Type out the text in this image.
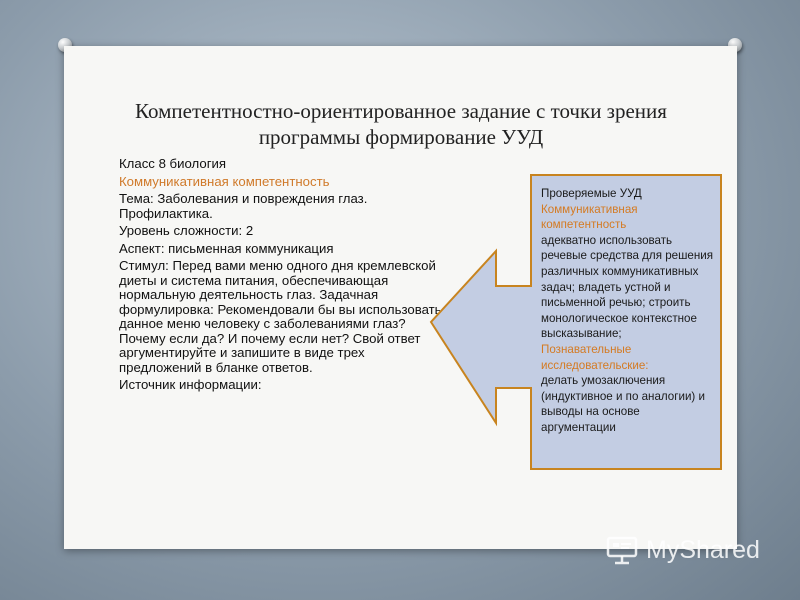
Компетентностно-ориентированное задание с точки зрения программы формирование УУД
Класс 8 биология
Коммуникативная компетентность
Тема: Заболевания и повреждения глаз. Профилактика.
Уровень сложности: 2
Аспект: письменная коммуникация
Стимул: Перед вами меню одного дня кремлевской диеты и система питания, обеспечивающая нормальную деятельность глаз. Задачная формулировка: Рекомендовали бы вы использовать данное меню человеку с заболеваниями глаз? Почему если да? И почему если нет? Свой ответ аргументируйте и запишите в виде трех предложений в бланке ответов.
Источник информации:
Проверяемые УУД
Коммуникативная компетентность
адекватно использовать речевые средства для решения различных коммуникативных задач; владеть устной и письменной речью; строить монологическое контекстное высказывание;
Познавательные исследовательские:
делать умозаключения (индуктивное и по аналогии) и выводы на основе аргументации
MyShared
